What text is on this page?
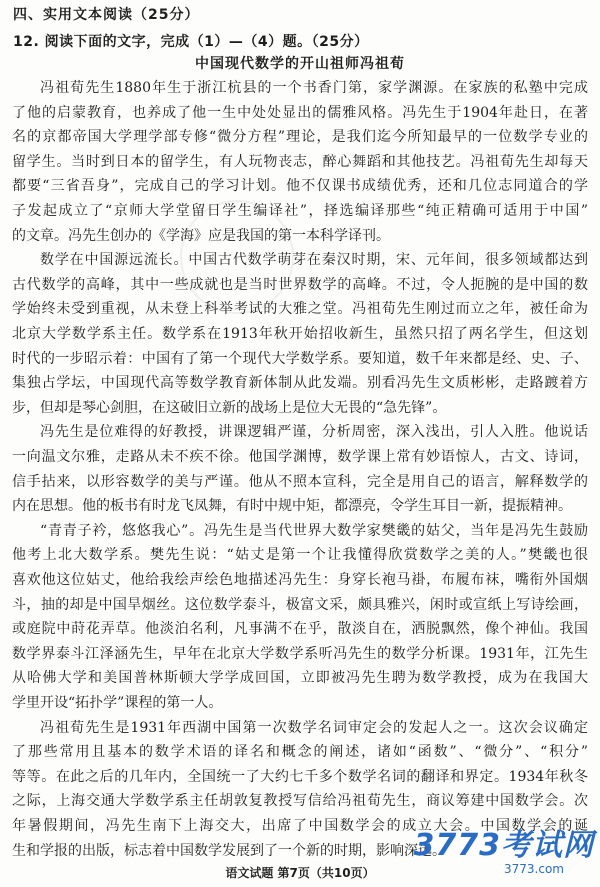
四、实用文本阅读（25分）
12. 阅读下面的文字，完成（1）—（4）题。（25分）
中国现代数学的开山祖师冯祖荀
冯祖荀先生1880年生于浙江杭县的一个书香门第，家学渊源。在家族的私塾中完成
了他的启蒙教育，也养成了他一生中处处显出的儒雅风格。冯先生于1904年赴日，在著
名的京都帝国大学理学部专修“微分方程”理论，是我们迄今所知最早的一位数学专业的
留学生。当时到日本的留学生，有人玩物丧志，醉心舞蹈和其他技艺。冯祖荀先生却每天
都要“三省吾身”，完成自己的学习计划。他不仅课书成绩优秀，还和几位志同道合的学
子发起成立了“京师大学堂留日学生编译社”，择选编译那些“纯正精确可适用于中国”
的文章。冯先生创办的《学海》应是我国的第一本科学译刊。
数学在中国源远流长。中国古代数学萌芽在秦汉时期，宋、元年间，很多领域都达到
古代数学的高峰，其中一些成就也是当时世界数学的高峰。不过，令人扼腕的是中国的数
学始终未受到重视，从未登上科举考试的大雅之堂。冯祖荀先生刚过而立之年，被任命为
北京大学数学系主任。数学系在1913年秋开始招收新生，虽然只招了两名学生，但这划
时代的一步昭示着：中国有了第一个现代大学数学系。要知道，数千年来都是经、史、子、
集独占学坛，中国现代高等数学教育新体制从此发端。别看冯先生文质彬彬，走路踱着方
步，但却是琴心剑胆，在这破旧立新的战场上是位大无畏的“急先锋”。
冯先生是位难得的好教授，讲课逻辑严谨，分析周密，深入浅出，引人入胜。他说话
一向温文尔雅，走路从未不疾不徐。他国学渊博，数学课上常有妙语惊人，古文、诗词，
信手拈来，以形容数学的美与严谨。他从不照本宣科，完全是用自己的语言，解释数学的
内在思想。他的板书有时龙飞凤舞，有时中规中矩，都漂亮，令学生耳目一新，提振精神。
“青青子衿，悠悠我心”。冯先生是当代世界大数学家樊畿的姑父，当年是冯先生鼓励
他考上北大数学系。樊先生说：“姑丈是第一个让我懂得欣赏数学之美的人。”樊畿也很
喜欢他这位姑丈，他给我绘声绘色地描述冯先生：身穿长袍马褂，布履布袜，嘴衔外国烟
斗，抽的却是中国旱烟丝。这位数学泰斗，极富文采，颇具雅兴，闲时或宣纸上写诗绘画，
或庭院中莳花弄草。他淡泊名利，凡事满不在乎，散淡自在，洒脱飘然，像个神仙。我国
数学界泰斗江泽涵先生，早年在北京大学数学系听冯先生的数学分析课。1931年，江先生
从哈佛大学和美国普林斯顿大学学成回国，立即被冯先生聘为数学教授，成为在我国大
学里开设“拓扑学”课程的第一人。
冯祖荀先生是1931年西湖中国第一次数学名词审定会的发起人之一。这次会议确定
了那些常用且基本的数学术语的译名和概念的阐述，诸如“函数”、“微分”、“积分”
等等。在此之后的几年内，全国统一了大约七千多个数学名词的翻译和界定。1934年秋冬
之际，上海交通大学数学系主任胡敦复教授写信给冯祖荀先生，商议筹建中国数学会。次
年暑假期间，冯先生南下上海交大，出席了中国数学会的成立大会。中国数学会的诞
生和学报的出版，标志着中国数学发展到了一个新的时期，影响深远。
语文试题 第7页（共10页）
3773考试网
3773.com
